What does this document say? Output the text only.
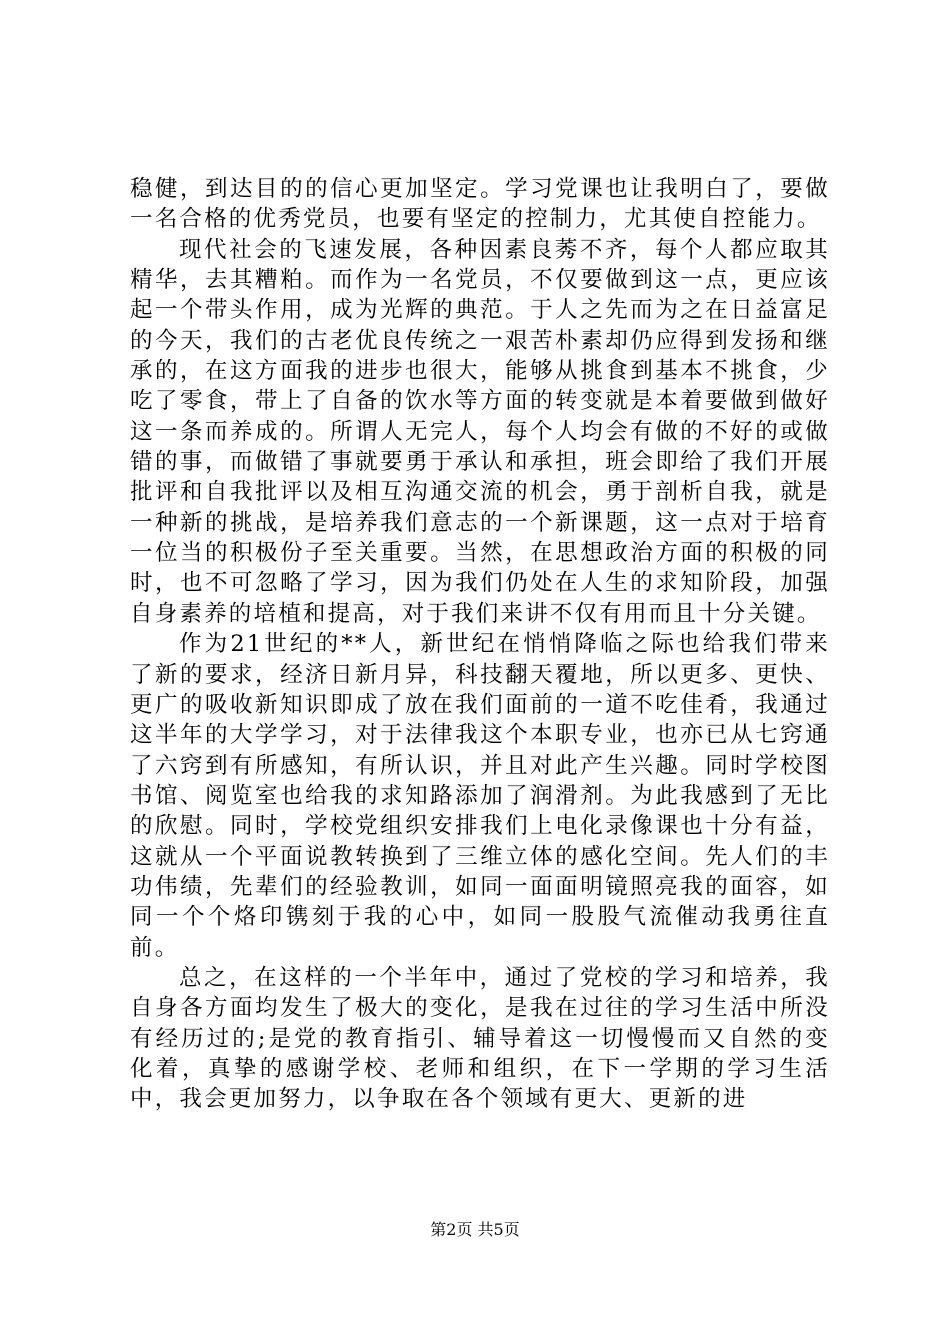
稳健，到达目的的信心更加坚定。学习党课也让我明白了，要做一名合格的优秀党员，也要有坚定的控制力，尤其使自控能力。

现代社会的飞速发展，各种因素良莠不齐，每个人都应取其精华，去其糟粕。而作为一名党员，不仅要做到这一点，更应该起一个带头作用，成为光辉的典范。于人之先而为之在日益富足的今天，我们的古老优良传统之一艰苦朴素却仍应得到发扬和继承的，在这方面我的进步也很大，能够从挑食到基本不挑食，少吃了零食，带上了自备的饮水等方面的转变就是本着要做到做好这一条而养成的。所谓人无完人，每个人均会有做的不好的或做错的事，而做错了事就要勇于承认和承担，班会即给了我们开展批评和自我批评以及相互沟通交流的机会，勇于剖析自我，就是一种新的挑战，是培养我们意志的一个新课题，这一点对于培育一位当的积极份子至关重要。当然，在思想政治方面的积极的同时，也不可忽略了学习，因为我们仍处在人生的求知阶段，加强自身素养的培植和提高，对于我们来讲不仅有用而且十分关键。

作为21世纪的**人，新世纪在悄悄降临之际也给我们带来了新的要求，经济日新月异，科技翻天覆地，所以更多、更快、更广的吸收新知识即成了放在我们面前的一道不吃佳肴，我通过这半年的大学学习，对于法律我这个本职专业，也亦已从七窍通了六窍到有所感知，有所认识，并且对此产生兴趣。同时学校图书馆、阅览室也给我的求知路添加了润滑剂。为此我感到了无比的欣慰。同时，学校党组织安排我们上电化录像课也十分有益，这就从一个平面说教转换到了三维立体的感化空间。先人们的丰功伟绩，先辈们的经验教训，如同一面面明镜照亮我的面容，如同一个个烙印镌刻于我的心中，如同一股股气流催动我勇往直前。

总之，在这样的一个半年中，通过了党校的学习和培养，我自身各方面均发生了极大的变化，是我在过往的学习生活中所没有经历过的;是党的教育指引、辅导着这一切慢慢而又自然的变化着，真挚的感谢学校、老师和组织，在下一学期的学习生活中，我会更加努力，以争取在各个领域有更大、更新的进

第2页 共5页
